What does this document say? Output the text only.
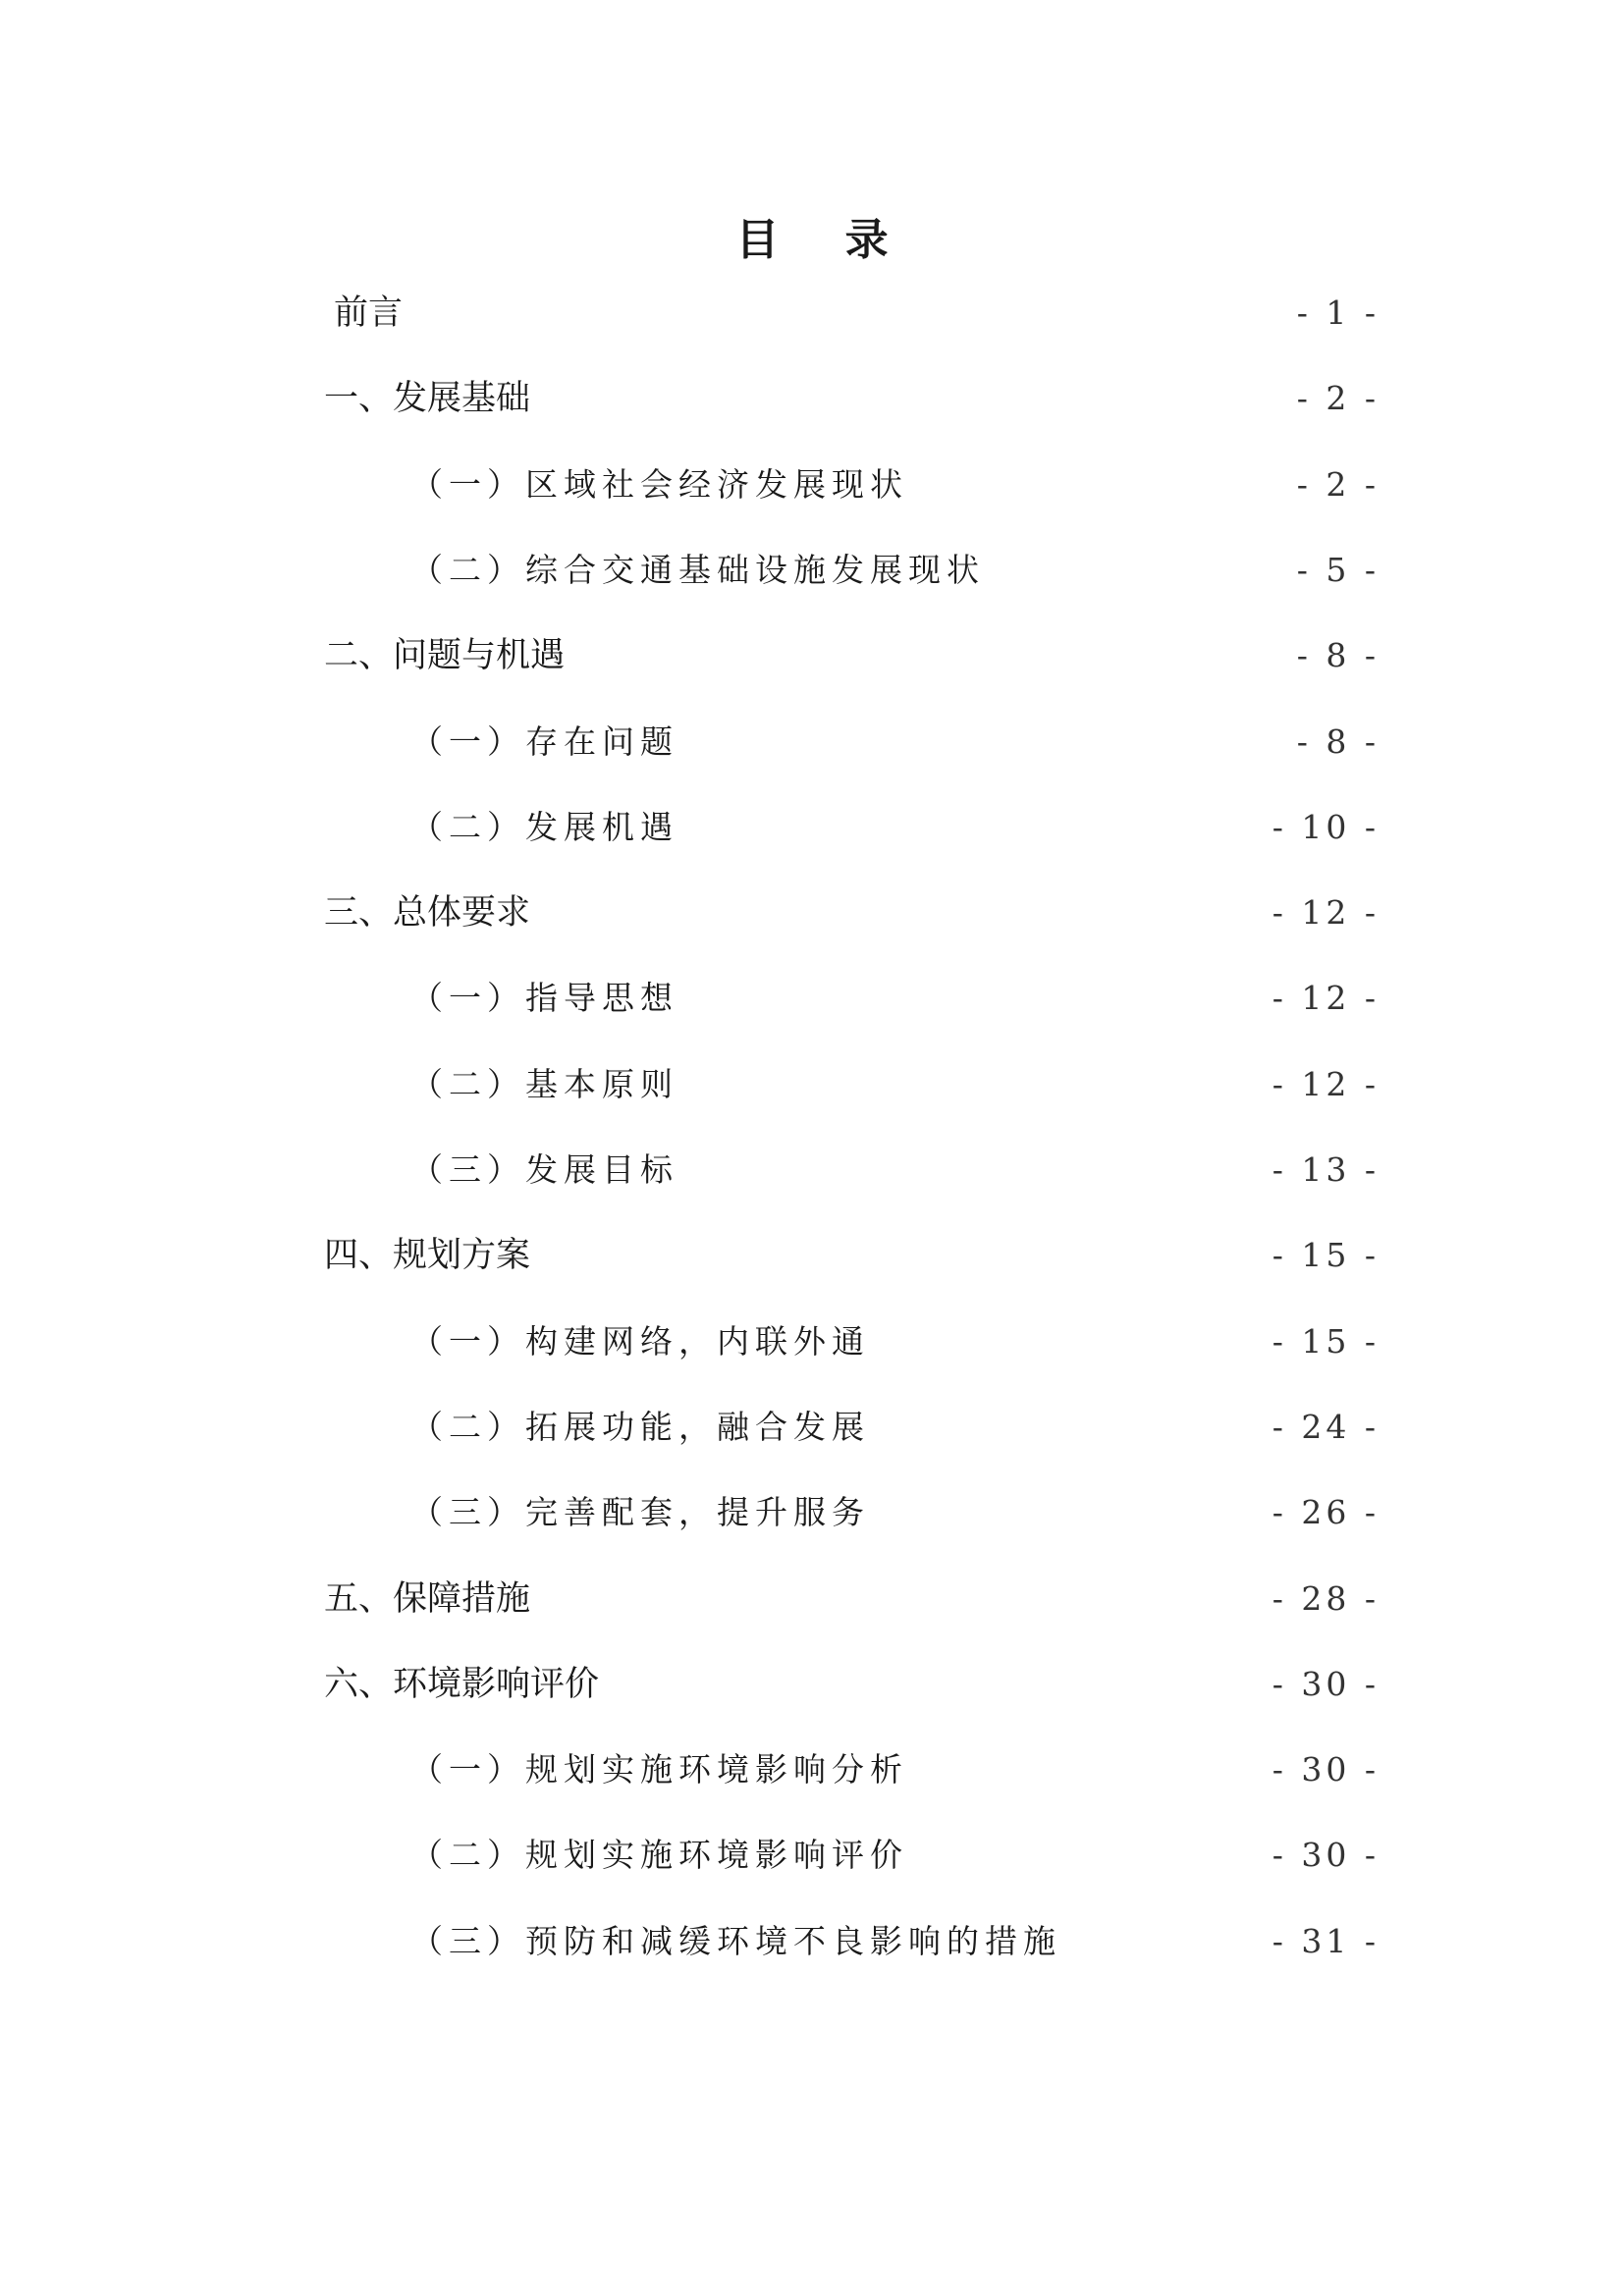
目 录
前言	- 1 -
一、发展基础	- 2 -
（一）区域社会经济发展现状	- 2 -
（二）综合交通基础设施发展现状	- 5 -
二、问题与机遇	- 8 -
（一）存在问题	- 8 -
（二）发展机遇	- 10 -
三、总体要求	- 12 -
（一）指导思想	- 12 -
（二）基本原则	- 12 -
（三）发展目标	- 13 -
四、规划方案	- 15 -
（一）构建网络，内联外通	- 15 -
（二）拓展功能，融合发展	- 24 -
（三）完善配套，提升服务	- 26 -
五、保障措施	- 28 -
六、环境影响评价	- 30 -
（一）规划实施环境影响分析	- 30 -
（二）规划实施环境影响评价	- 30 -
（三）预防和减缓环境不良影响的措施	- 31 -
